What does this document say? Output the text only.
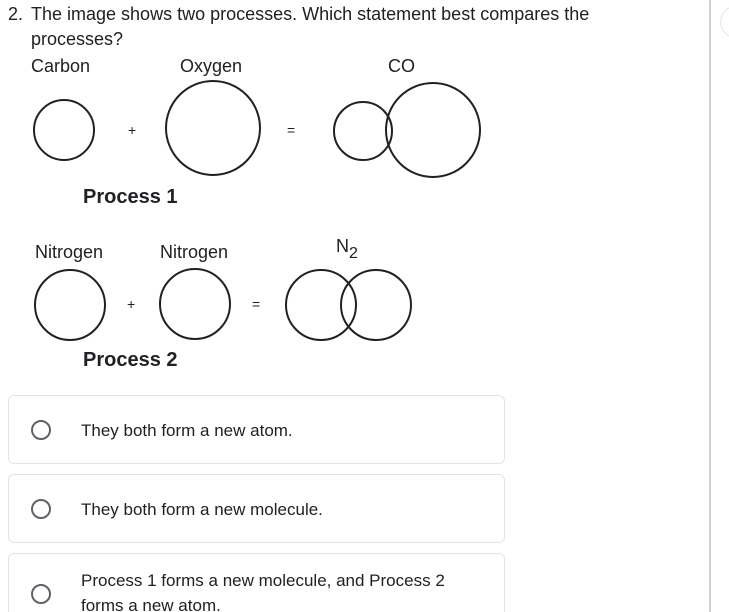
2. The image shows two processes. Which statement best compares the processes?
Carbon	Oxygen	CO
+	=
Process 1
Nitrogen	Nitrogen	N2
+	=
Process 2
They both form a new atom.
They both form a new molecule.
Process 1 forms a new molecule, and Process 2 forms a new atom.
